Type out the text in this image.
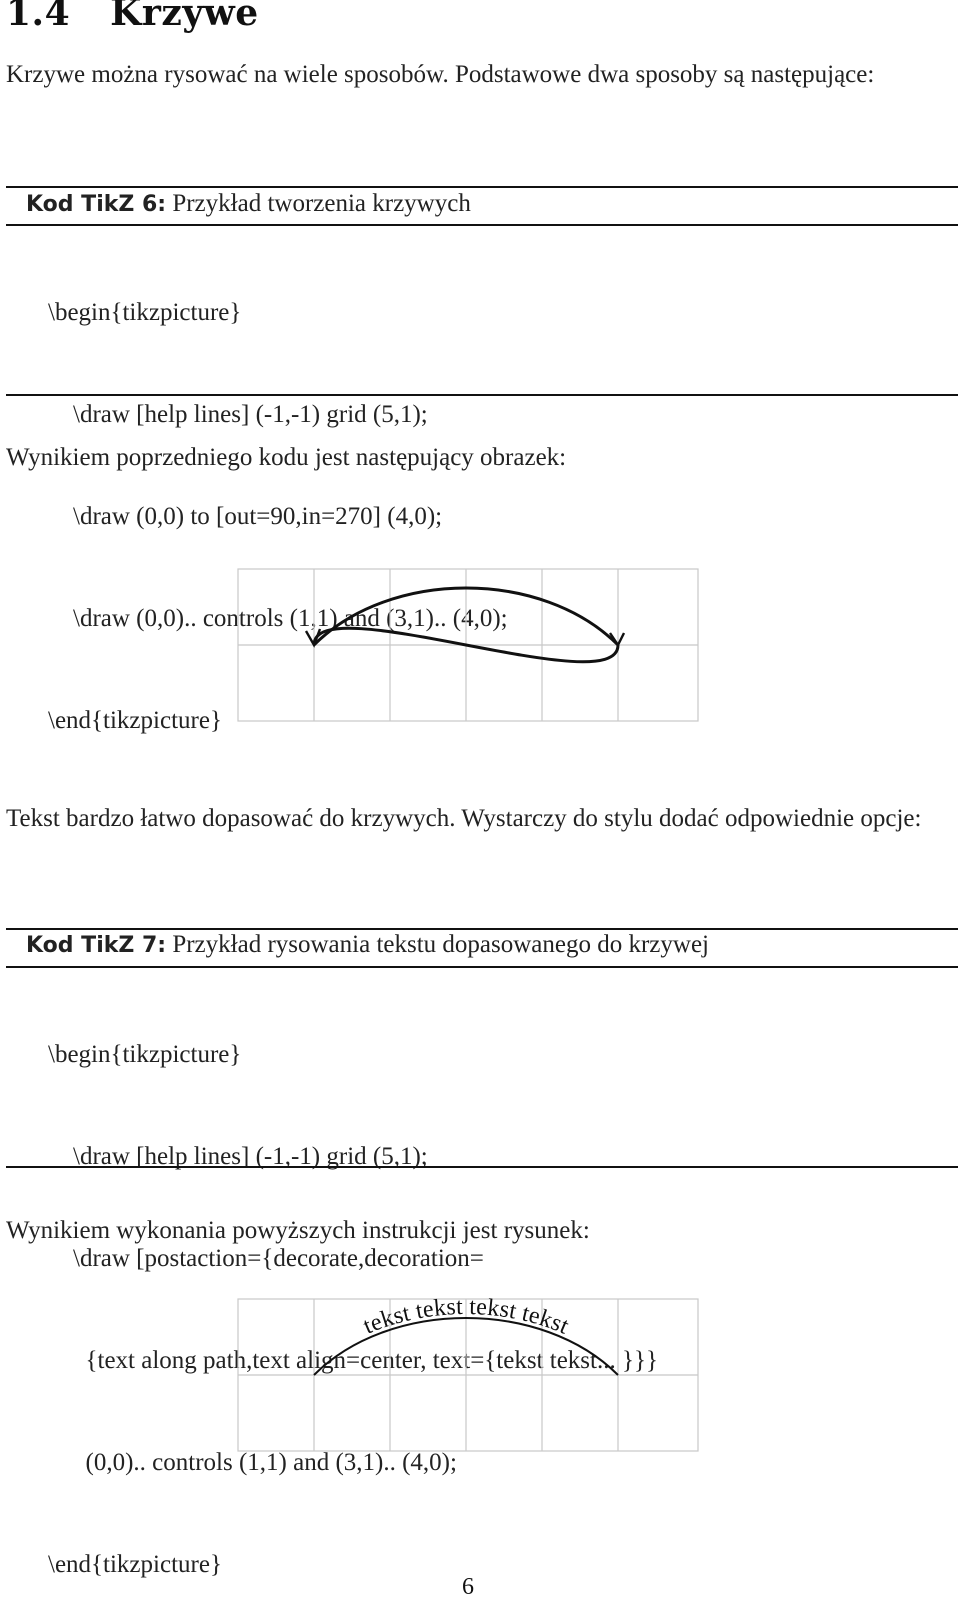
1.4 Krzywe

Krzywe można rysować na wiele sposobów. Podstawowe dwa sposoby są następujące:

Kod TikZ 6: Przykład tworzenia krzywych

\begin{tikzpicture}

\draw [help lines] (-1,-1) grid (5,1);

\draw (0,0) to [out=90,in=270] (4,0);

\draw (0,0).. controls (1,1) and (3,1).. (4,0);

\end{tikzpicture}

Wynikiem poprzedniego kodu jest następujący obrazek:

Tekst bardzo łatwo dopasować do krzywych. Wystarczy do stylu dodać odpowiednie opcje:

Kod TikZ 7: Przykład rysowania tekstu dopasowanego do krzywej

\begin{tikzpicture}

\draw [help lines] (-1,-1) grid (5,1);

\draw [postaction={decorate,decoration=

{text along path,text align=center, text={tekst tekst... }}}

(0,0).. controls (1,1) and (3,1).. (4,0);

\end{tikzpicture}

Wynikiem wykonania powyższych instrukcji jest rysunek:

tekst tekst tekst tekst
6
